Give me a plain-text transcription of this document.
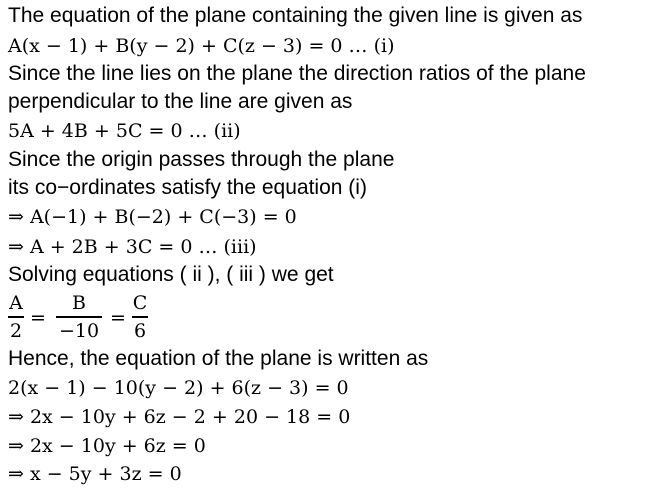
The equation of the plane containing the given line is given as
A(x − 1) + B(y − 2) + C(z − 3) = 0 … (i)
Since the line lies on the plane the direction ratios of the plane
perpendicular to the line are given as
5A + 4B + 5C = 0 … (ii)
Since the origin passes through the plane
its co−ordinates satisfy the equation (i)
⇒ A(−1) + B(−2) + C(−3) = 0
⇒ A + 2B + 3C = 0 … (iii)
Solving equations ( ii ), ( iii ) we get
A
2
=
B
−10
=
C
6
Hence, the equation of the plane is written as
2(x − 1) − 10(y − 2) + 6(z − 3) = 0
⇒ 2x − 10y + 6z − 2 + 20 − 18 = 0
⇒ 2x − 10y + 6z = 0
⇒ x − 5y + 3z = 0
